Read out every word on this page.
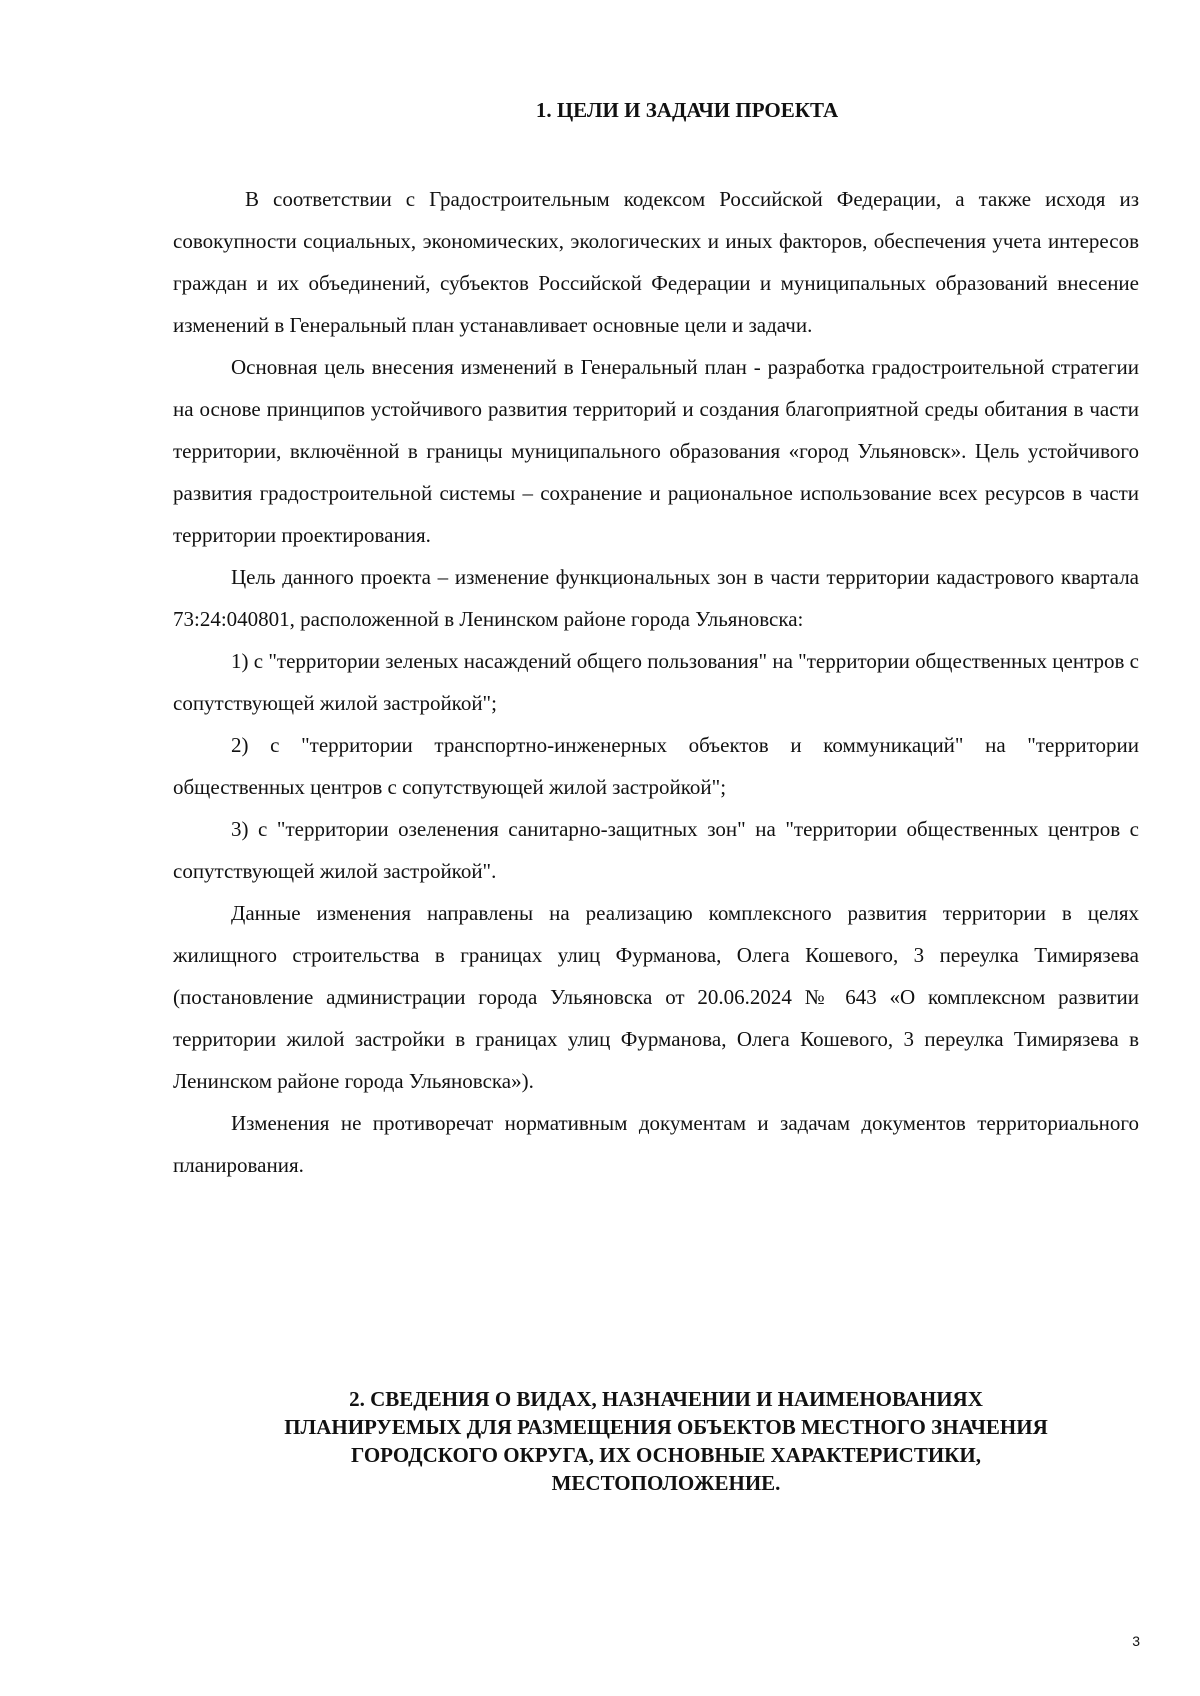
1. ЦЕЛИ И ЗАДАЧИ ПРОЕКТА

В соответствии с Градостроительным кодексом Российской Федерации, а также исходя из совокупности социальных, экономических, экологических и иных факторов, обеспечения учета интересов граждан и их объединений, субъектов Российской Федерации и муниципальных образований внесение изменений в Генеральный план устанавливает основные цели и задачи.

Основная цель внесения изменений в Генеральный план - разработка градостроительной стратегии на основе принципов устойчивого развития территорий и создания благоприятной среды обитания в части территории, включённой в границы муниципального образования «город Ульяновск». Цель устойчивого развития градостроительной системы – сохранение и рациональное использование всех ресурсов в части территории проектирования.

Цель данного проекта – изменение функциональных зон в части территории кадастрового квартала 73:24:040801, расположенной в Ленинском районе города Ульяновска:

1) с "территории зеленых насаждений общего пользования" на "территории общественных центров с сопутствующей жилой застройкой";

2) с "территории транспортно-инженерных объектов и коммуникаций" на "территории общественных центров с сопутствующей жилой застройкой";

3) с "территории озеленения санитарно-защитных зон" на "территории общественных центров с сопутствующей жилой застройкой".

Данные изменения направлены на реализацию комплексного развития территории в целях жилищного строительства в границах улиц Фурманова, Олега Кошевого, 3 переулка Тимирязева (постановление администрации города Ульяновска от 20.06.2024 № 643 «О комплексном развитии территории жилой застройки в границах улиц Фурманова, Олега Кошевого, 3 переулка Тимирязева в Ленинском районе города Ульяновска»).

Изменения не противоречат нормативным документам и задачам документов территориального планирования.

2. СВЕДЕНИЯ О ВИДАХ, НАЗНАЧЕНИИ И НАИМЕНОВАНИЯХ
ПЛАНИРУЕМЫХ ДЛЯ РАЗМЕЩЕНИЯ ОБЪЕКТОВ МЕСТНОГО ЗНАЧЕНИЯ
ГОРОДСКОГО ОКРУГА, ИХ ОСНОВНЫЕ ХАРАКТЕРИСТИКИ,
МЕСТОПОЛОЖЕНИЕ.
3
